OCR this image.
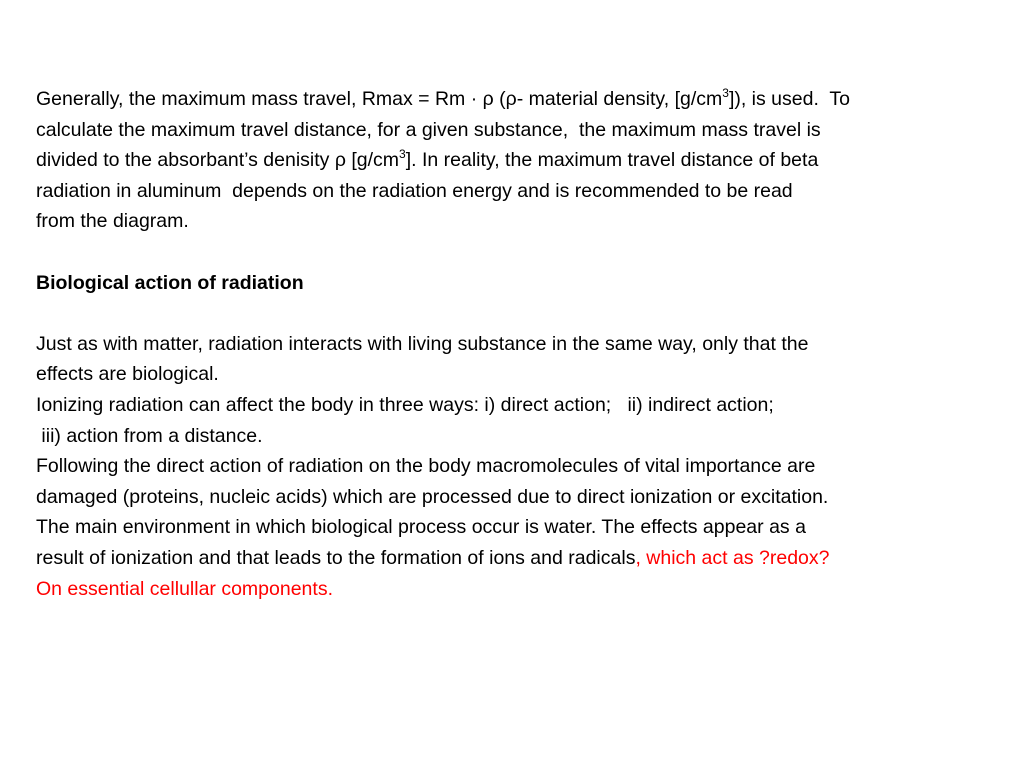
Generally, the maximum mass travel, Rmax = Rm · ρ (ρ- material density, $[g/cm^3]$), is used.  To
calculate the maximum travel distance, for a given substance,  the maximum mass travel is
divided to the absorbant’s denisity ρ $[g/cm^3]$. In reality, the maximum travel distance of beta
radiation in aluminum  depends on the radiation energy and is recommended to be read
from the diagram.
Biological action of radiation
Just as with matter, radiation interacts with living substance in the same way, only that the
effects are biological.
Ionizing radiation can affect the body in three ways: i) direct action;   ii) indirect action;
iii) action from a distance.
Following the direct action of radiation on the body macromolecules of vital importance are
damaged (proteins, nucleic acids) which are processed due to direct ionization or excitation.
The main environment in which biological process occur is water. The effects appear as a
result of ionization and that leads to the formation of ions and radicals, which act as ?redox?
On essential cellullar components.
